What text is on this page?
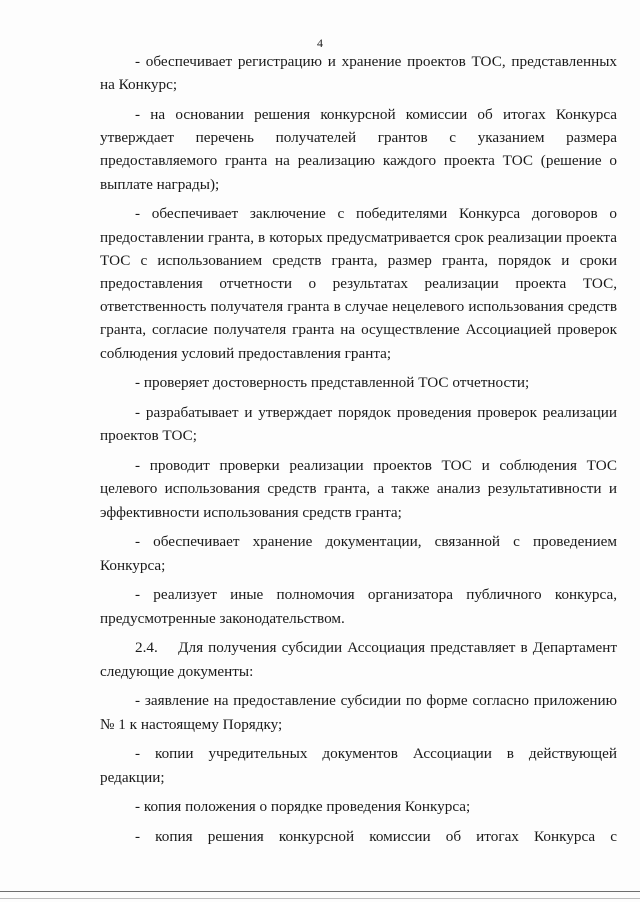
4

- обеспечивает регистрацию и хранение проектов ТОС, представленных на Конкурс;

- на основании решения конкурсной комиссии об итогах Конкурса утверждает перечень получателей грантов с указанием размера предоставляемого гранта на реализацию каждого проекта ТОС (решение о выплате награды);

- обеспечивает заключение с победителями Конкурса договоров о предоставлении гранта, в которых предусматривается срок реализации проекта ТОС с использованием средств гранта, размер гранта, порядок и сроки предоставления отчетности о результатах реализации проекта ТОС, ответственность получателя гранта в случае нецелевого использования средств гранта, согласие получателя гранта на осуществление Ассоциацией проверок соблюдения условий предоставления гранта;

- проверяет достоверность представленной ТОС отчетности;

- разрабатывает и утверждает порядок проведения проверок реализации проектов ТОС;

- проводит проверки реализации проектов ТОС и соблюдения ТОС целевого использования средств гранта, а также анализ результативности и эффективности использования средств гранта;

- обеспечивает хранение документации, связанной с проведением Конкурса;

- реализует иные полномочия организатора публичного конкурса, предусмотренные законодательством.

2.4.    Для получения субсидии Ассоциация представляет в Департамент следующие документы:

- заявление на предоставление субсидии по форме согласно приложению № 1 к настоящему Порядку;

- копии учредительных документов Ассоциации в действующей редакции;

- копия положения о порядке проведения Конкурса;

- копия решения конкурсной комиссии об итогах Конкурса с
